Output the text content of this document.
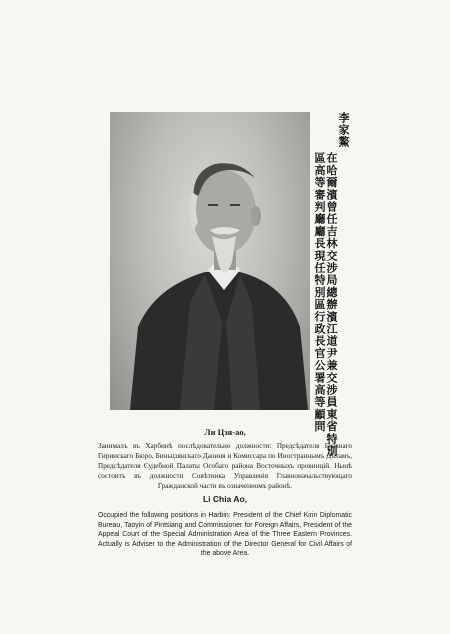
李家鰲
在哈爾濱曾任吉林交涉局總辦濱江道尹兼交涉員東省特別
區高等審判廳廳長現任特別區行政長官公署高等顧問
Ли Цзя-ао,
Занималъ въ Харбинѣ послѣдовательно должности: Предсѣдателя Главнаго Гиринскаго Бюро, Биньцзянскаго Даоиня и Комиссара по Иностраннымъ Дѣламъ, Предсѣдателя Судебной Палаты Особаго района Восточныхъ провинцій. Нынѣ состоитъ въ должности Совѣтника Управленія Главноначальствующаго Гражданской части въ означенномъ районѣ.
Li Chia Ao,
Occupied the following positions in Harbin: President of the Chief Kirin Diplomatic Bureau, Taoyin of Pintsiang and Commissioner for Foreign Affairs, President of the Appeal Court of the Special Administration Area of the Three Eastern Provinces. Actually is Adviser to the Administration of the Director General for Civil Affairs of the above Area.
